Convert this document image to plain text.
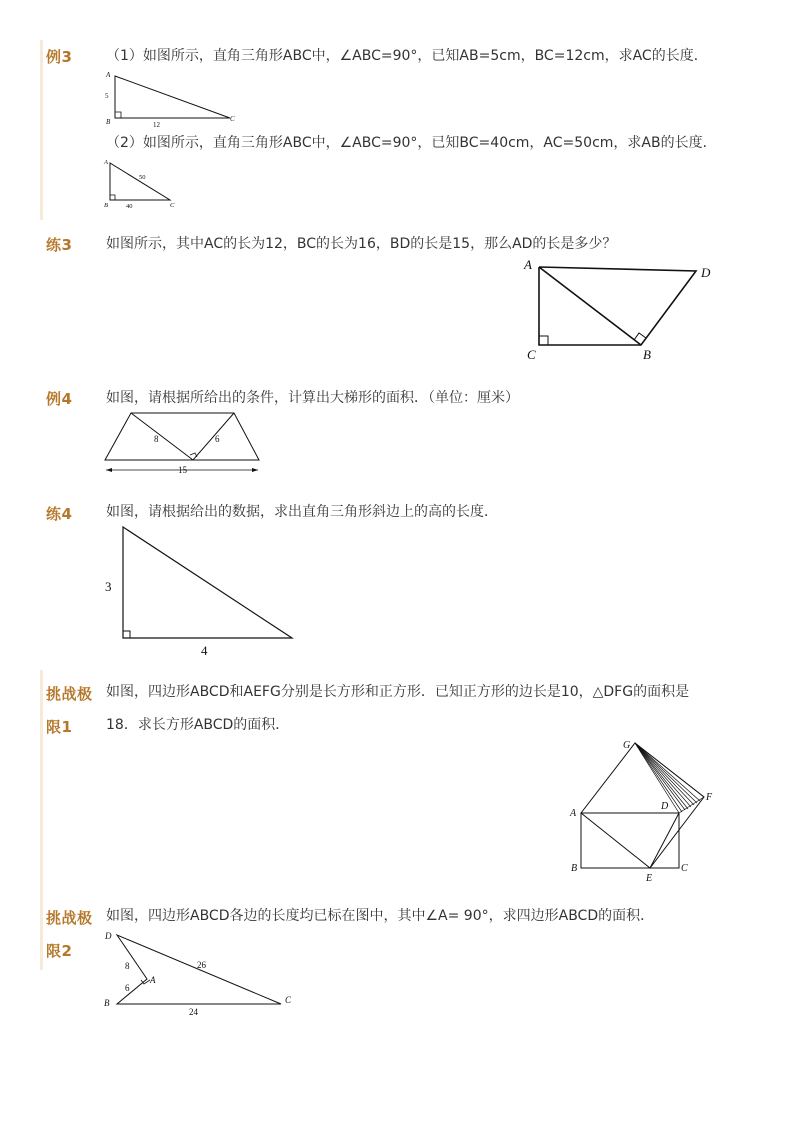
例3 （1）如图所示，直角三角形ABC中，∠ABC=90°，已知AB=5cm，BC=12cm，求AC的长度．
A
B	C
5
12
（2）如图所示，直角三角形ABC中，∠ABC=90°，已知BC=40cm，AC=50cm，求AB的长度．
A
B	C
50
40
练3 如图所示，其中AC的长为12，BC的长为16，BD的长是15，那么AD的长是多少？
A
C	B
D
例4 如图，请根据所给出的条件，计算出大梯形的面积．（单位：厘米）
8	6
15
练4 如图，请根据给出的数据，求出直角三角形斜边上的高的长度．
3
4
挑战极
限1
如图，四边形ABCD和AEFG分别是长方形和正方形．已知正方形的边长是10，△DFG的面积是
18．求长方形ABCD的面积．
G
A
D
F
B
E
C
挑战极
限2
如图，四边形ABCD各边的长度均已标在图中，其中∠A= 90°，求四边形ABCD的面积．
D
A
B	C
8
6
26
24
